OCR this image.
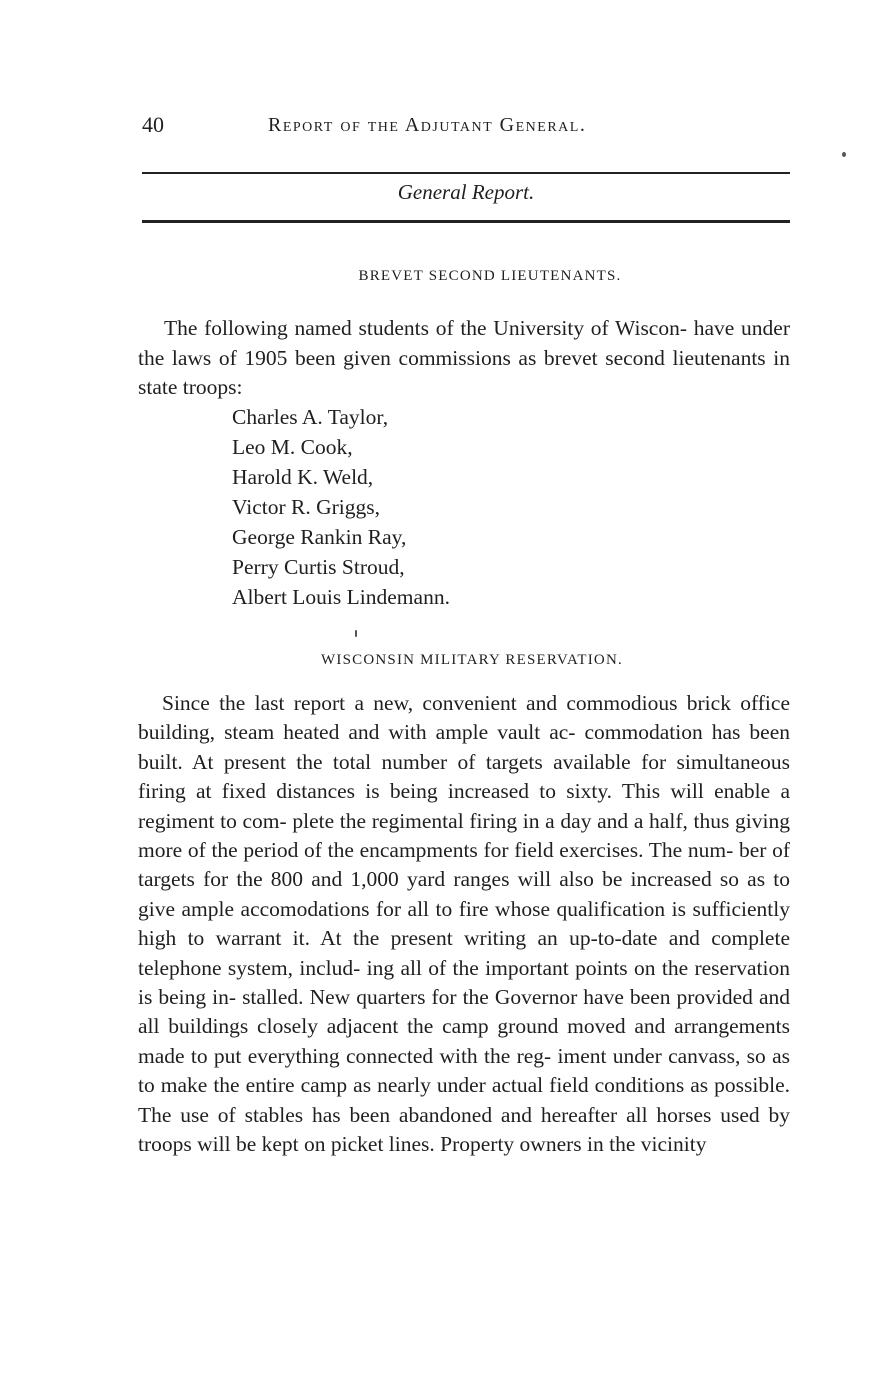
40	Report of the Adjutant General.
General Report.
BREVET SECOND LIEUTENANTS.

The following named students of the University of Wiscon- have under the laws of 1905 been given commissions as brevet second lieutenants in state troops:

Charles A. Taylor,
Leo M. Cook,
Harold K. Weld,
Victor R. Griggs,
George Rankin Ray,
Perry Curtis Stroud,
Albert Louis Lindemann.
WISCONSIN MILITARY RESERVATION.

Since the last report a new, convenient and commodious brick office building, steam heated and with ample vault ac- commodation has been built. At present the total number of targets available for simultaneous firing at fixed distances is being increased to sixty. This will enable a regiment to com- plete the regimental firing in a day and a half, thus giving more of the period of the encampments for field exercises. The num- ber of targets for the 800 and 1,000 yard ranges will also be increased so as to give ample accomodations for all to fire whose qualification is sufficiently high to warrant it. At the present writing an up-to-date and complete telephone system, includ- ing all of the important points on the reservation is being in- stalled. New quarters for the Governor have been provided and all buildings closely adjacent the camp ground moved and arrangements made to put everything connected with the reg- iment under canvass, so as to make the entire camp as nearly under actual field conditions as possible. The use of stables has been abandoned and hereafter all horses used by troops will be kept on picket lines. Property owners in the vicinity
